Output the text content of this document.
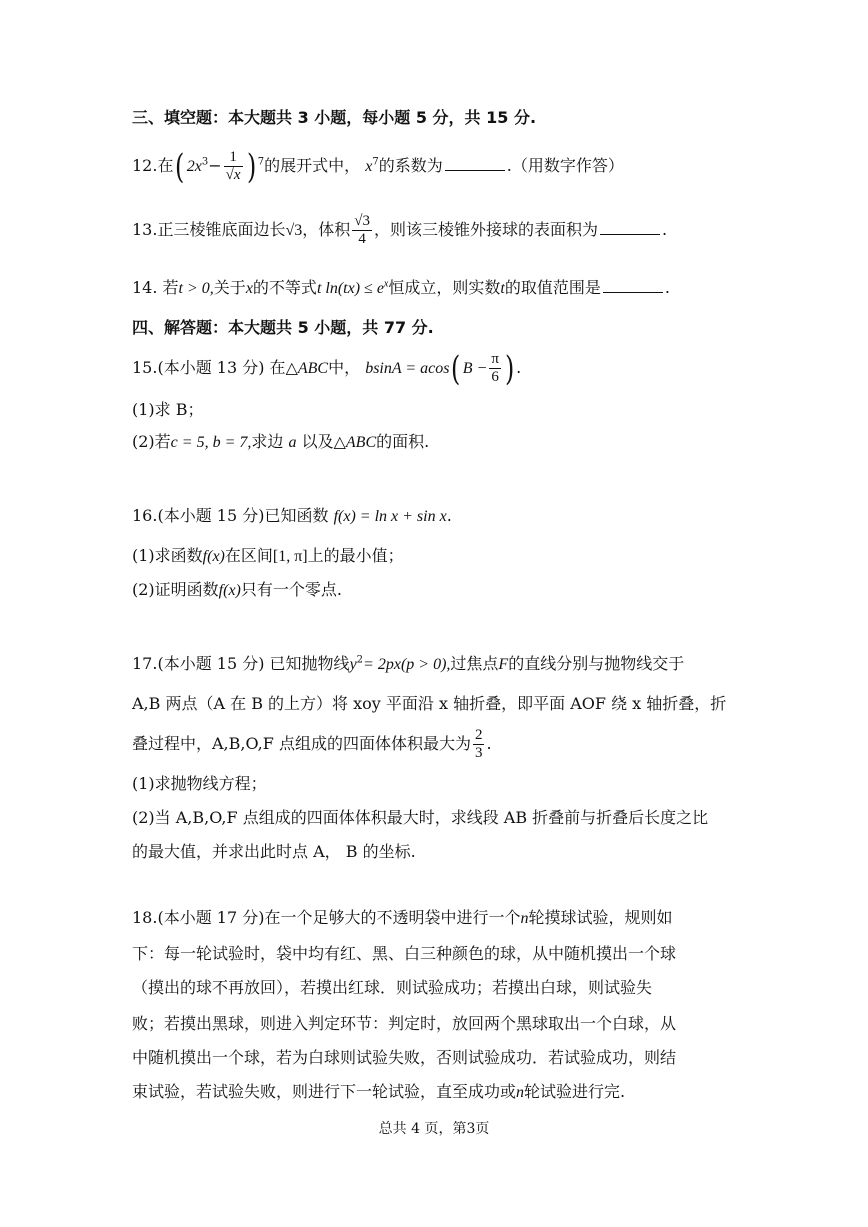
三、填空题：本大题共 3 小题，每小题 5 分，共 15 分.
12.在( $2x^3- \frac{1}{√x}$ ) $^7$的展开式中， $x^7$的系数为	.（用数字作答）
13.正三棱锥底面边长√3，体积 $\frac{√3}{4}$ ，则该三棱锥外接球的表面积为	.
14. 若t > 0,关于x的不等式t $\ln(tx) \le e^x$恒成立，则实数t的取值范围是	.
四、解答题：本大题共 5 小题，共 77 分.
15.(本小题 13 分) 在△ABC中， bsinA = acos( $B - \frac{\pi}{6}$ ) .
(1)求 B；
(2)若c = 5, b = 7,求边 a 以及△ABC的面积.
16.(本小题 15 分)已知函数 f(x) = ln x + sin x.
(1)求函数f(x)在区间[1, π]上的最小值；
(2)证明函数f(x)只有一个零点.
17.(本小题 15 分) 已知抛物线$y^2= 2px(p > 0)$,过焦点F的直线分别与抛物线交于
A,B 两点（A 在 B 的上方）将 xoy 平面沿 x 轴折叠，即平面 AOF 绕 x 轴折叠，折
叠过程中，A,B,O,F 点组成的四面体体积最大为 $\frac{2}{3}$ .
(1)求抛物线方程；
(2)当 A,B,O,F 点组成的四面体体积最大时，求线段 AB 折叠前与折叠后长度之比
的最大值，并求出此时点 A， B 的坐标.
18.(本小题 17 分)在一个足够大的不透明袋中进行一个n轮摸球试验，规则如
下：每一轮试验时，袋中均有红、黑、白三种颜色的球，从中随机摸出一个球
（摸出的球不再放回），若摸出红球．则试验成功；若摸出白球，则试验失
败；若摸出黑球，则进入判定环节：判定时，放回两个黑球取出一个白球，从
中随机摸出一个球，若为白球则试验失败，否则试验成功．若试验成功，则结
束试验，若试验失败，则进行下一轮试验，直至成功或n轮试验进行完.
总共 4 页，第3页
